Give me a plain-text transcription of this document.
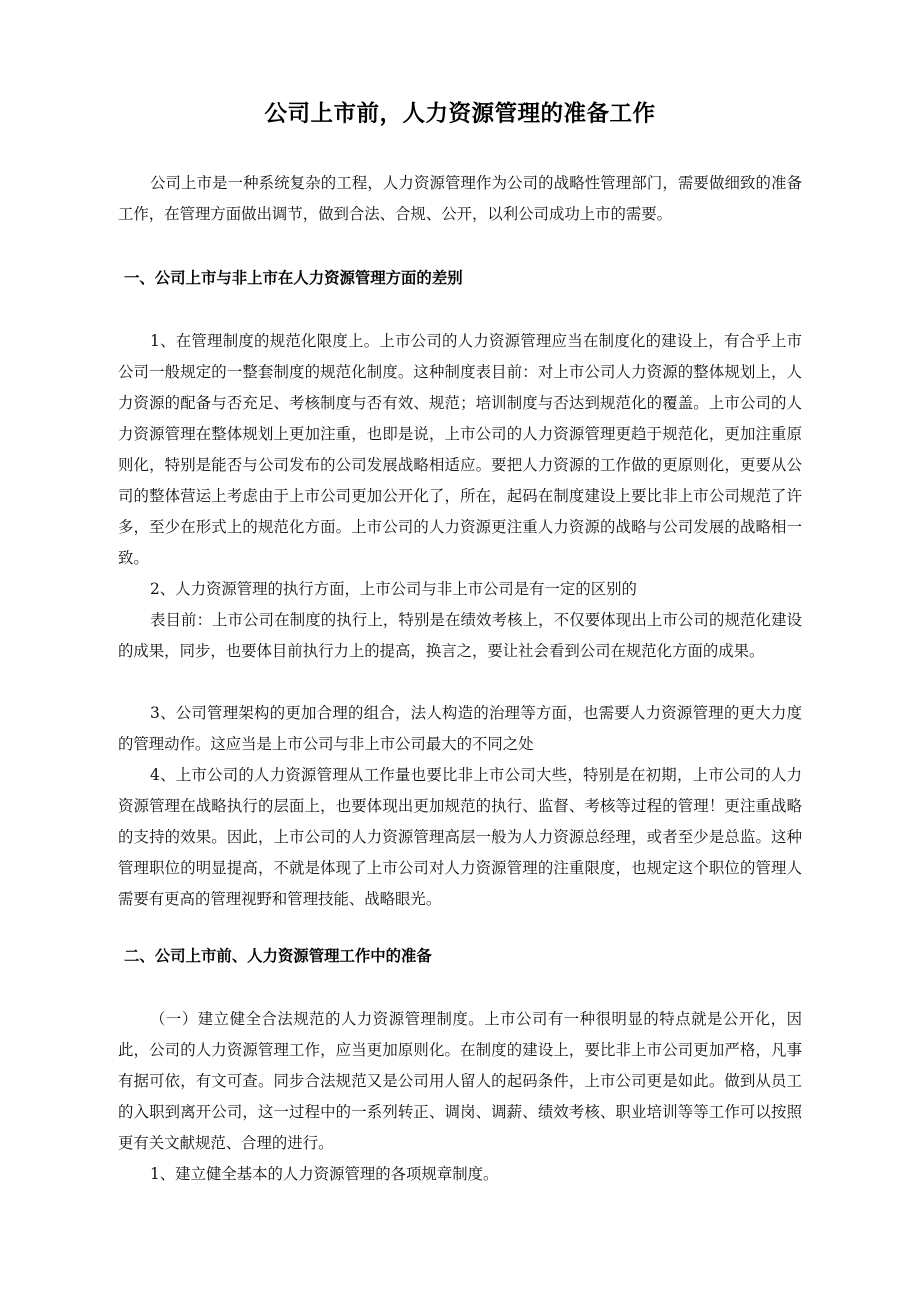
公司上市前，人力资源管理的准备工作
公司上市是一种系统复杂的工程，人力资源管理作为公司的战略性管理部门，需要做细致的准备工作，在管理方面做出调节，做到合法、合规、公开，以利公司成功上市的需要。
一、公司上市与非上市在人力资源管理方面的差别
1、在管理制度的规范化限度上。上市公司的人力资源管理应当在制度化的建设上，有合乎上市公司一般规定的一整套制度的规范化制度。这种制度表目前：对上市公司人力资源的整体规划上，人力资源的配备与否充足、考核制度与否有效、规范；培训制度与否达到规范化的覆盖。上市公司的人力资源管理在整体规划上更加注重，也即是说，上市公司的人力资源管理更趋于规范化，更加注重原则化，特别是能否与公司发布的公司发展战略相适应。要把人力资源的工作做的更原则化，更要从公司的整体营运上考虑由于上市公司更加公开化了，所在，起码在制度建设上要比非上市公司规范了许多，至少在形式上的规范化方面。上市公司的人力资源更注重人力资源的战略与公司发展的战略相一致。
2、人力资源管理的执行方面，上市公司与非上市公司是有一定的区别的
表目前：上市公司在制度的执行上，特别是在绩效考核上，不仅要体现出上市公司的规范化建设的成果，同步，也要体目前执行力上的提高，换言之，要让社会看到公司在规范化方面的成果。
3、公司管理架构的更加合理的组合，法人构造的治理等方面，也需要人力资源管理的更大力度的管理动作。这应当是上市公司与非上市公司最大的不同之处
4、上市公司的人力资源管理从工作量也要比非上市公司大些，特别是在初期，上市公司的人力资源管理在战略执行的层面上，也要体现出更加规范的执行、监督、考核等过程的管理！更注重战略的支持的效果。因此，上市公司的人力资源管理高层一般为人力资源总经理，或者至少是总监。这种管理职位的明显提高，不就是体现了上市公司对人力资源管理的注重限度，也规定这个职位的管理人需要有更高的管理视野和管理技能、战略眼光。
二、公司上市前、人力资源管理工作中的准备
（一）建立健全合法规范的人力资源管理制度。上市公司有一种很明显的特点就是公开化，因此，公司的人力资源管理工作，应当更加原则化。在制度的建设上，要比非上市公司更加严格，凡事有据可依，有文可查。同步合法规范又是公司用人留人的起码条件，上市公司更是如此。做到从员工的入职到离开公司，这一过程中的一系列转正、调岗、调薪、绩效考核、职业培训等等工作可以按照更有关文献规范、合理的进行。
1、建立健全基本的人力资源管理的各项规章制度。
